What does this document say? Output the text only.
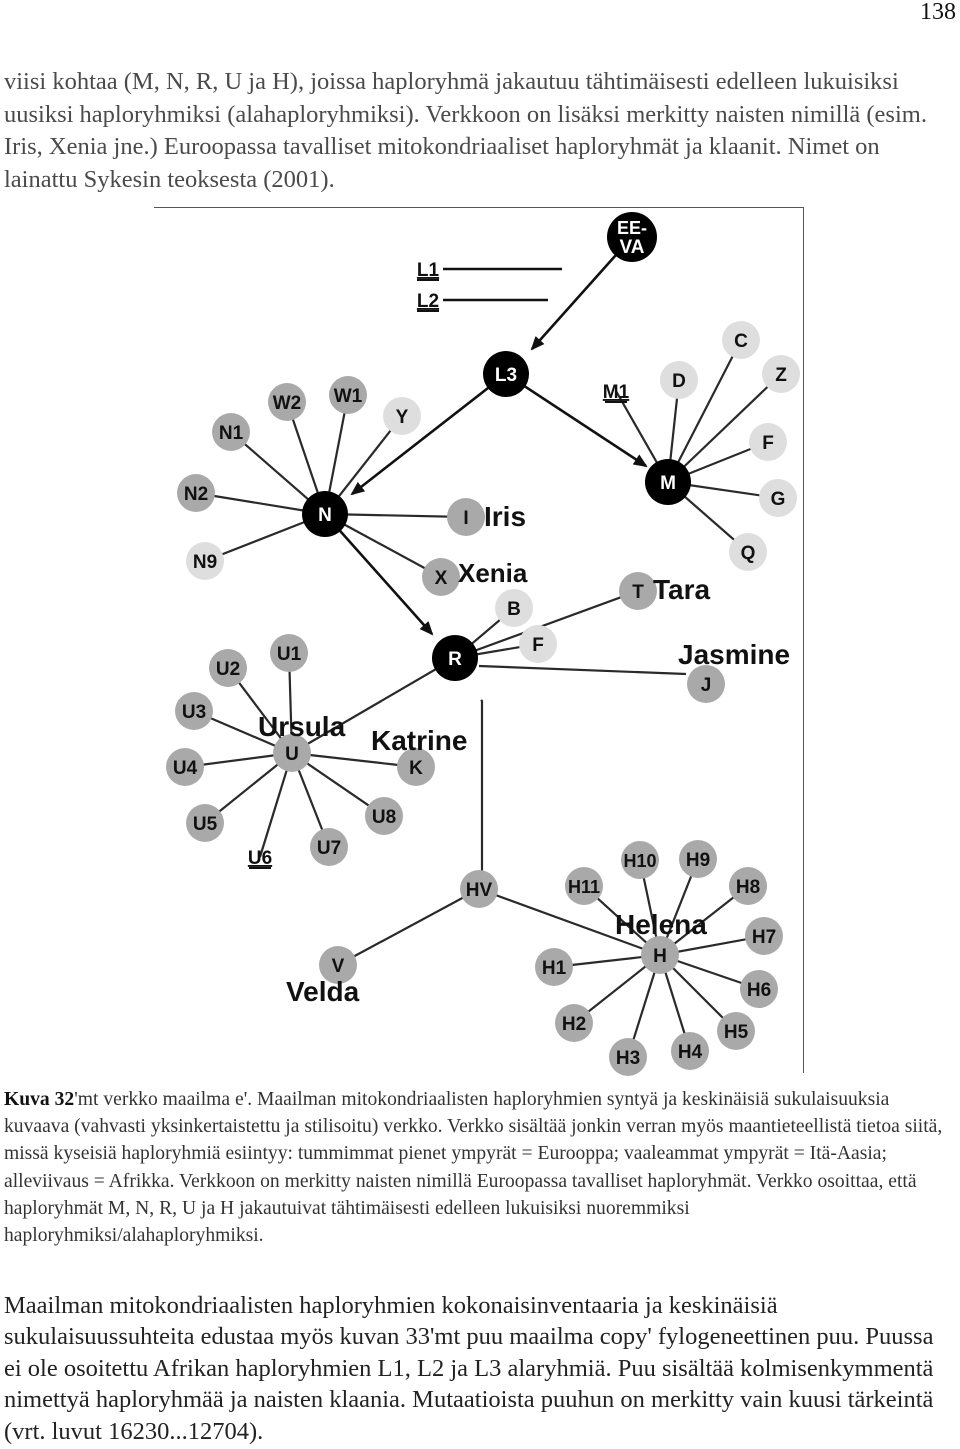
138

viisi kohtaa (M, N, R, U ja H), joissa haploryhmä jakautuu tähtimäisesti edelleen lukuisiksi uusiksi haploryhmiksi (alahaploryhmiksi). Verkkoon on lisäksi merkitty naisten nimillä (esim. Iris, Xenia jne.) Euroopassa tavalliset mitokondriaaliset haploryhmät ja klaanit. Nimet on lainattu Sykesin teoksesta (2001).

EE-
VA
L1
L2
L3
M1
D
C
Z
F
G
Q
M
N
W2 W1
Y
N1
N2
N9
I
X
R
B
F
T
J
U
U1
U2
U3
U4
U5
U6 U7
U8
K
HV
V	H
H1
H2
H3 H4
H5
H6
H7
H8
H9
H10
H11
Iris
Xenia
Tara
Jasmine
Ursula Katrine
Helena
Velda

Kuva 32'mt verkko maailma e'. Maailman mitokondriaalisten haploryhmien syntyä ja keskinäisiä sukulaisuuksia kuvaava (vahvasti yksinkertaistettu ja stilisoitu) verkko. Verkko sisältää jonkin verran myös maantieteellistä tietoa siitä, missä kyseisiä haploryhmiä esiintyy: tummimmat pienet ympyrät = Eurooppa; vaaleammat ympyrät = Itä-Aasia; alleviivaus = Afrikka. Verkkoon on merkitty naisten nimillä Euroopassa tavalliset haploryhmät. Verkko osoittaa, että haploryhmät M, N, R, U ja H jakautuivat tähtimäisesti edelleen lukuisiksi nuoremmiksi haploryhmiksi/alahaploryhmiksi.

Maailman mitokondriaalisten haploryhmien kokonaisinventaaria ja keskinäisiä sukulaisuussuhteita edustaa myös kuvan 33'mt puu maailma copy' fylogeneettinen puu. Puussa ei ole osoitettu Afrikan haploryhmien L1, L2 ja L3 alaryhmiä. Puu sisältää kolmisenkymmentä nimettyä haploryhmää ja naisten klaania. Mutaatioista puuhun on merkitty vain kuusi tärkeintä (vrt. luvut 16230...12704).
